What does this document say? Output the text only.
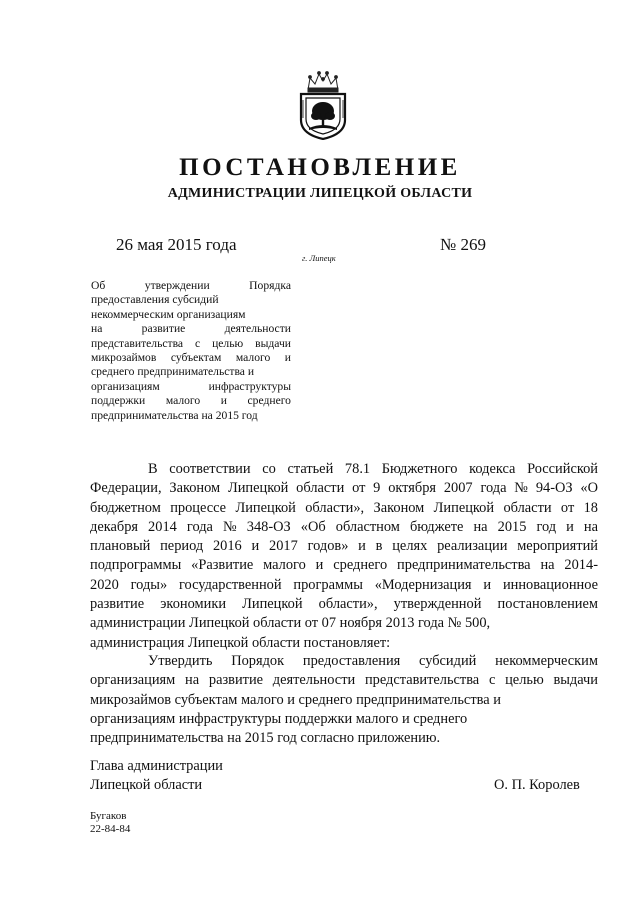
ПОСТАНОВЛЕНИЕ
АДМИНИСТРАЦИИ ЛИПЕЦКОЙ ОБЛАСТИ
26 мая 2015 года
г. Липецк
№ 269
Об	утверждении	Порядка
предоставления субсидий
некоммерческим организациям
на	развитие	деятельности
представительства с целью выдачи
микрозаймов субъектам малого и
среднего предпринимательства и
организациям	инфраструктуры
поддержки малого и среднего
предпринимательства на 2015 год
В соответствии со статьей 78.1 Бюджетного кодекса Российской
Федерации, Законом Липецкой области от 9 октября 2007 года № 94-ОЗ «О
бюджетном процессе Липецкой области», Законом Липецкой области от 18
декабря 2014 года № 348-ОЗ «Об областном бюджете на 2015 год и на
плановый период 2016 и 2017 годов» и в целях реализации мероприятий
подпрограммы «Развитие малого и среднего предпринимательства на 2014-
2020 годы» государственной программы «Модернизация и инновационное
развитие экономики Липецкой области», утвержденной постановлением
администрации Липецкой области от 07 ноября 2013 года № 500,
администрация Липецкой области постановляет:
Утвердить Порядок предоставления субсидий некоммерческим
организациям на развитие деятельности представительства с целью выдачи
микрозаймов субъектам малого и среднего предпринимательства и
организациям инфраструктуры поддержки малого и среднего
предпринимательства на 2015 год согласно приложению.
Глава администрации
Липецкой области	О. П. Королев
Бугаков
22-84-84
